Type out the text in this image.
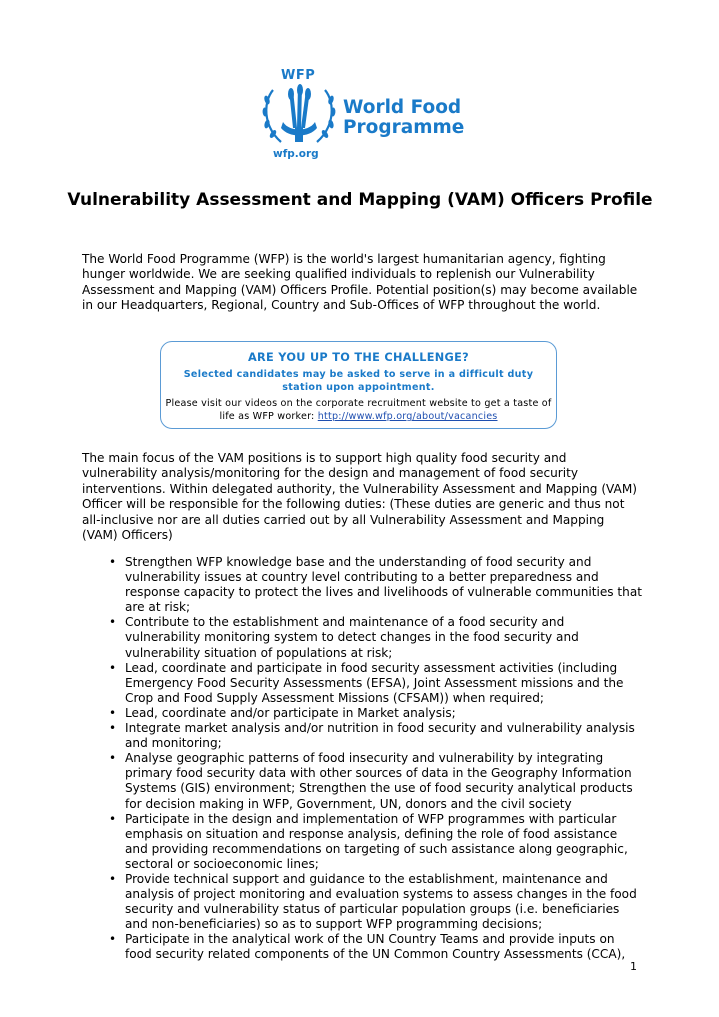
WFP
wfp.org
World Food
Programme
Vulnerability Assessment and Mapping (VAM) Officers Profile

The World Food Programme (WFP) is the world's largest humanitarian agency, fighting hunger worldwide. We are seeking qualified individuals to replenish our Vulnerability Assessment and Mapping (VAM) Officers Profile. Potential position(s) may become available in our Headquarters, Regional, Country and Sub-Offices of WFP throughout the world.

ARE YOU UP TO THE CHALLENGE?
Selected candidates may be asked to serve in a difficult duty station upon appointment.
Please visit our videos on the corporate recruitment website to get a taste of life as WFP worker: http://www.wfp.org/about/vacancies

The main focus of the VAM positions is to support high quality food security and vulnerability analysis/monitoring for the design and management of food security interventions. Within delegated authority, the Vulnerability Assessment and Mapping (VAM) Officer will be responsible for the following duties: (These duties are generic and thus not all-inclusive nor are all duties carried out by all Vulnerability Assessment and Mapping (VAM) Officers)

• Strengthen WFP knowledge base and the understanding of food security and vulnerability issues at country level contributing to a better preparedness and response capacity to protect the lives and livelihoods of vulnerable communities that are at risk;
• Contribute to the establishment and maintenance of a food security and vulnerability monitoring system to detect changes in the food security and vulnerability situation of populations at risk;
• Lead, coordinate and participate in food security assessment activities (including Emergency Food Security Assessments (EFSA), Joint Assessment missions and the Crop and Food Supply Assessment Missions (CFSAM)) when required;
• Lead, coordinate and/or participate in Market analysis;
• Integrate market analysis and/or nutrition in food security and vulnerability analysis and monitoring;
• Analyse geographic patterns of food insecurity and vulnerability by integrating primary food security data with other sources of data in the Geography Information Systems (GIS) environment; Strengthen the use of food security analytical products for decision making in WFP, Government, UN, donors and the civil society
• Participate in the design and implementation of WFP programmes with particular emphasis on situation and response analysis, defining the role of food assistance and providing recommendations on targeting of such assistance along geographic, sectoral or socioeconomic lines;
• Provide technical support and guidance to the establishment, maintenance and analysis of project monitoring and evaluation systems to assess changes in the food security and vulnerability status of particular population groups (i.e. beneficiaries and non-beneficiaries) so as to support WFP programming decisions;
• Participate in the analytical work of the UN Country Teams and provide inputs on food security related components of the UN Common Country Assessments (CCA),
1
